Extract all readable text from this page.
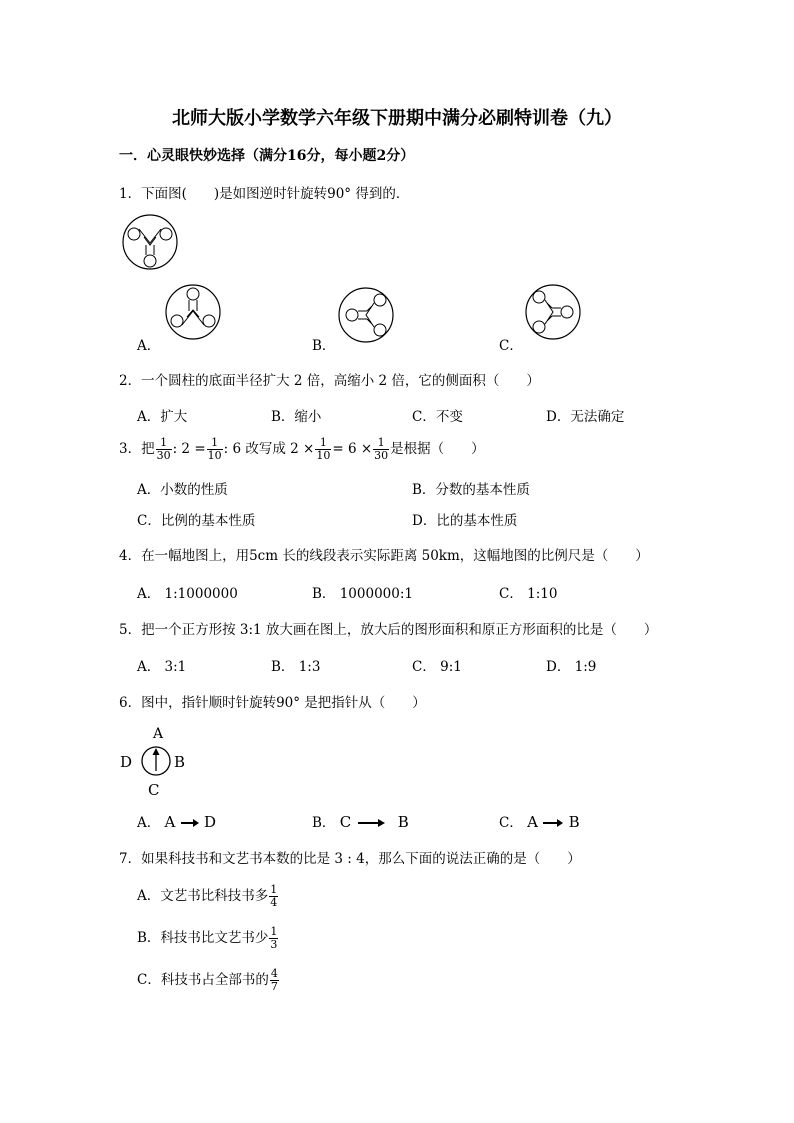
北师大版小学数学六年级下册期中满分必刷特训卷（九）
一．心灵眼快妙选择（满分16分，每小题2分）
1．下面图(　　)是如图逆时针旋转90° 得到的．
A．	B．	C．
2．一个圆柱的底面半径扩大 2 倍，高缩小 2 倍，它的侧面积（　　）
A．扩大	B．缩小	C．不变	D．无法确定
3．把 $\frac{1}{30}$ : $2 = \frac{1}{10}$ : 6 改写成 $2 \times \frac{1}{10} = 6 \times \frac{1}{30}$ 是根据（　　）
A．小数的性质	B．分数的基本性质
C．比例的基本性质	D．比的基本性质
4．在一幅地图上，用5cm 长的线段表示实际距离 50km，这幅地图的比例尺是（　　）
A． 1:1000000	B． 1000000:1	C． 1:10
5．把一个正方形按 3:1 放大画在图上，放大后的图形面积和原正方形面积的比是（　　）
A． 3:1	B． 1:3	C． 9:1	D． 1:9
6．图中，指针顺时针旋转90° 是把指针从（　　）
A
D	B
C
A． A D	B． C	B	C． A B
7．如果科技书和文艺书本数的比是 3 : 4，那么下面的说法正确的是（　　）
A．文艺书比科技书多 $\frac{1}{4}$
B．科技书比文艺书少 $\frac{1}{3}$
C．科技书占全部书的 $\frac{4}{7}$
